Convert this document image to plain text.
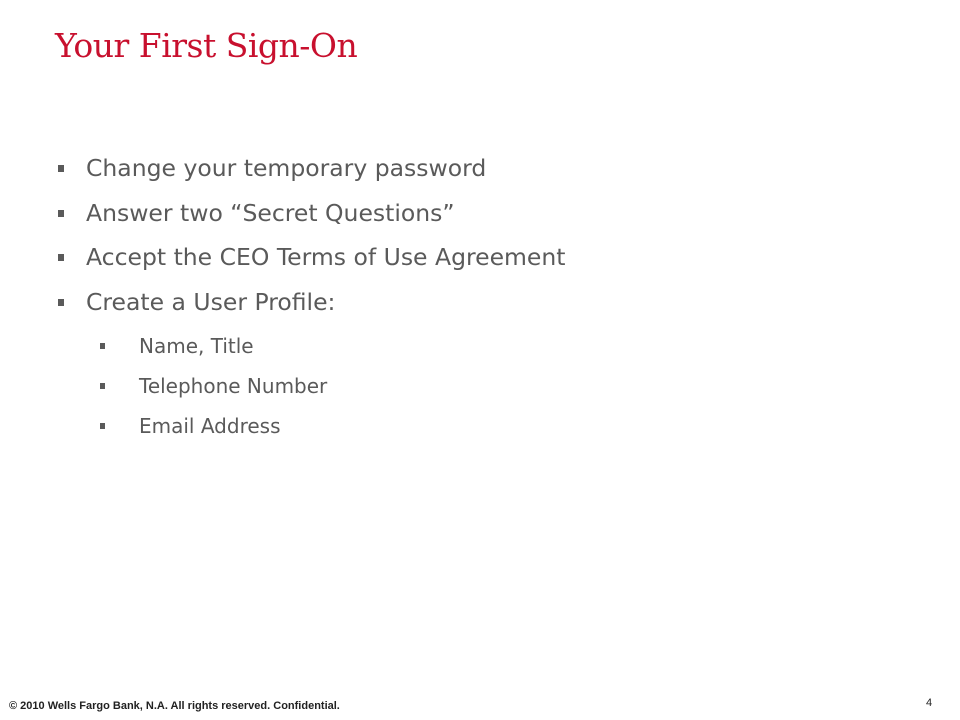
Your First Sign-On
Change your temporary password
Answer two “Secret Questions”
Accept the CEO Terms of Use Agreement
Create a User Profile:
Name, Title
Telephone Number
Email Address
© 2010 Wells Fargo Bank, N.A. All rights reserved. Confidential.	4
